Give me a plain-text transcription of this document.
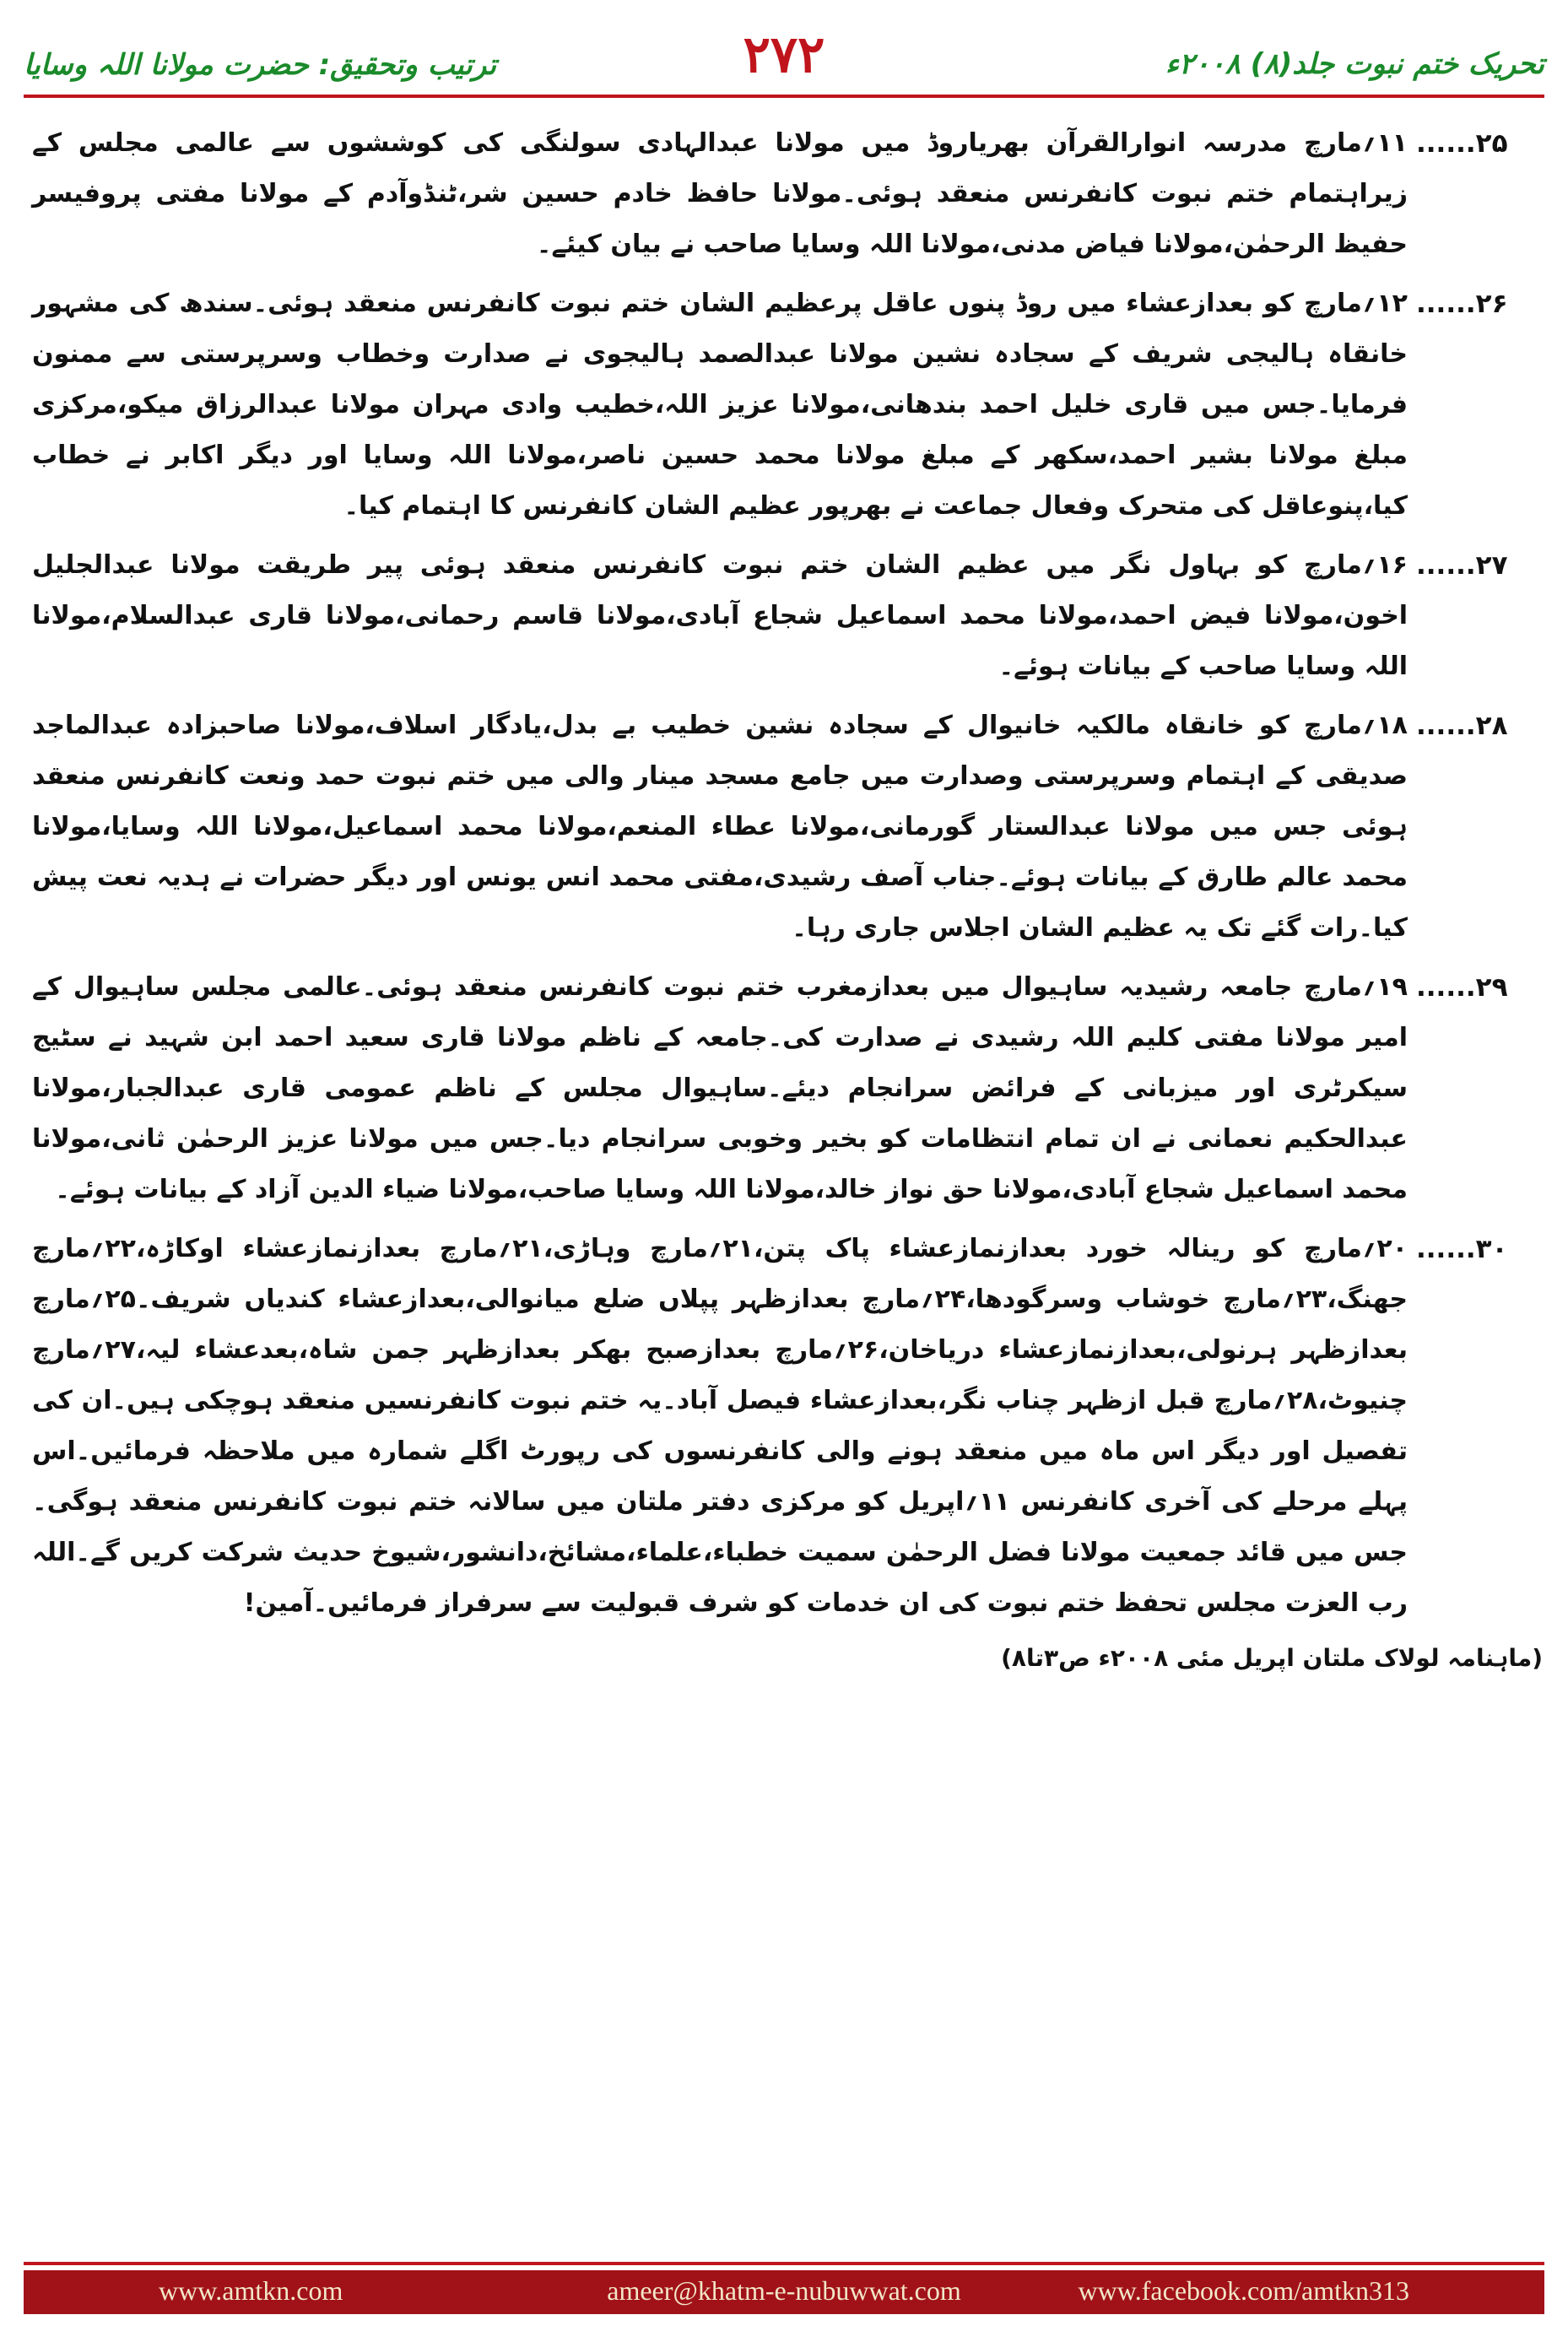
تحریک ختم نبوت جلد(۸) ۲۰۰۸ء
۲۷۲
ترتیب وتحقیق: حضرت مولانا اللہ وسایا
۲۵......
۱۱؍مارچ مدرسہ انوارالقرآن بھریاروڈ میں مولانا عبدالہادی سولنگی کی کوششوں سے عالمی مجلس کے زیراہتمام ختم نبوت کانفرنس منعقد ہوئی۔مولانا حافظ خادم حسین شر،ٹنڈوآدم کے مولانا مفتی پروفیسر حفیظ الرحمٰن،مولانا فیاض مدنی،مولانا اللہ وسایا صاحب نے بیان کیئے۔
۲۶......
۱۲؍مارچ کو بعدازعشاء میں روڈ پنوں عاقل پرعظیم الشان ختم نبوت کانفرنس منعقد ہوئی۔سندھ کی مشہور خانقاہ ہالیجی شریف کے سجادہ نشین مولانا عبدالصمد ہالیجوی نے صدارت وخطاب وسرپرستی سے ممنون فرمایا۔جس میں قاری خلیل احمد بندھانی،مولانا عزیز اللہ،خطیب وادی مہران مولانا عبدالرزاق میکو،مرکزی مبلغ مولانا بشیر احمد،سکھر کے مبلغ مولانا محمد حسین ناصر،مولانا اللہ وسایا اور دیگر اکابر نے خطاب کیا،پنوعاقل کی متحرک وفعال جماعت نے بھرپور عظیم الشان کانفرنس کا اہتمام کیا۔
۲۷......
۱۶؍مارچ کو بہاول نگر میں عظیم الشان ختم نبوت کانفرنس منعقد ہوئی پیر طریقت مولانا عبدالجلیل اخون،مولانا فیض احمد،مولانا محمد اسماعیل شجاع آبادی،مولانا قاسم رحمانی،مولانا قاری عبدالسلام،مولانا اللہ وسایا صاحب کے بیانات ہوئے۔
۲۸......
۱۸؍مارچ کو خانقاہ مالکیہ خانیوال کے سجادہ نشین خطیب بے بدل،یادگار اسلاف،مولانا صاحبزادہ عبدالماجد صدیقی کے اہتمام وسرپرستی وصدارت میں جامع مسجد مینار والی میں ختم نبوت حمد ونعت کانفرنس منعقد ہوئی جس میں مولانا عبدالستار گورمانی،مولانا عطاء المنعم،مولانا محمد اسماعیل،مولانا اللہ وسایا،مولانا محمد عالم طارق کے بیانات ہوئے۔جناب آصف رشیدی،مفتی محمد انس یونس اور دیگر حضرات نے ہدیہ نعت پیش کیا۔رات گئے تک یہ عظیم الشان اجلاس جاری رہا۔
۲۹......
۱۹؍مارچ جامعہ رشیدیہ ساہیوال میں بعدازمغرب ختم نبوت کانفرنس منعقد ہوئی۔عالمی مجلس ساہیوال کے امیر مولانا مفتی کلیم اللہ رشیدی نے صدارت کی۔جامعہ کے ناظم مولانا قاری سعید احمد ابن شہید نے سٹیج سیکرٹری اور میزبانی کے فرائض سرانجام دیئے۔ساہیوال مجلس کے ناظم عمومی قاری عبدالجبار،مولانا عبدالحکیم نعمانی نے ان تمام انتظامات کو بخیر وخوبی سرانجام دیا۔جس میں مولانا عزیز الرحمٰن ثانی،مولانا محمد اسماعیل شجاع آبادی،مولانا حق نواز خالد،مولانا اللہ وسایا صاحب،مولانا ضیاء الدین آزاد کے بیانات ہوئے۔
۳۰......
۲۰؍مارچ کو رینالہ خورد بعدازنمازعشاء پاک پتن،۲۱؍مارچ وہاڑی،۲۱؍مارچ بعدازنمازعشاء اوکاڑہ،۲۲؍مارچ جھنگ،۲۳؍مارچ خوشاب وسرگودھا،۲۴؍مارچ بعدازظہر پپلاں ضلع میانوالی،بعدازعشاء کندیاں شریف۔۲۵؍مارچ بعدازظہر ہرنولی،بعدازنمازعشاء دریاخان،۲۶؍مارچ بعدازصبح بھکر بعدازظہر جمن شاہ،بعدعشاء لیہ،۲۷؍مارچ چنیوٹ،۲۸؍مارچ قبل ازظہر چناب نگر،بعدازعشاء فیصل آباد۔یہ ختم نبوت کانفرنسیں منعقد ہوچکی ہیں۔ان کی تفصیل اور دیگر اس ماہ میں منعقد ہونے والی کانفرنسوں کی رپورٹ اگلے شمارہ میں ملاحظہ فرمائیں۔اس پہلے مرحلے کی آخری کانفرنس ۱۱؍اپریل کو مرکزی دفتر ملتان میں سالانہ ختم نبوت کانفرنس منعقد ہوگی۔جس میں قائد جمعیت مولانا فضل الرحمٰن سمیت خطباء،علماء،مشائخ،دانشور،شیوخ حدیث شرکت کریں گے۔اللہ رب العزت مجلس تحفظ ختم نبوت کی ان خدمات کو شرف قبولیت سے سرفراز فرمائیں۔آمین!
(ماہنامہ لولاک ملتان اپریل مئی ۲۰۰۸ء ص۳تا۸)
www.amtkn.com	ameer@khatm-e-nubuwwat.com	www.facebook.com/amtkn313
